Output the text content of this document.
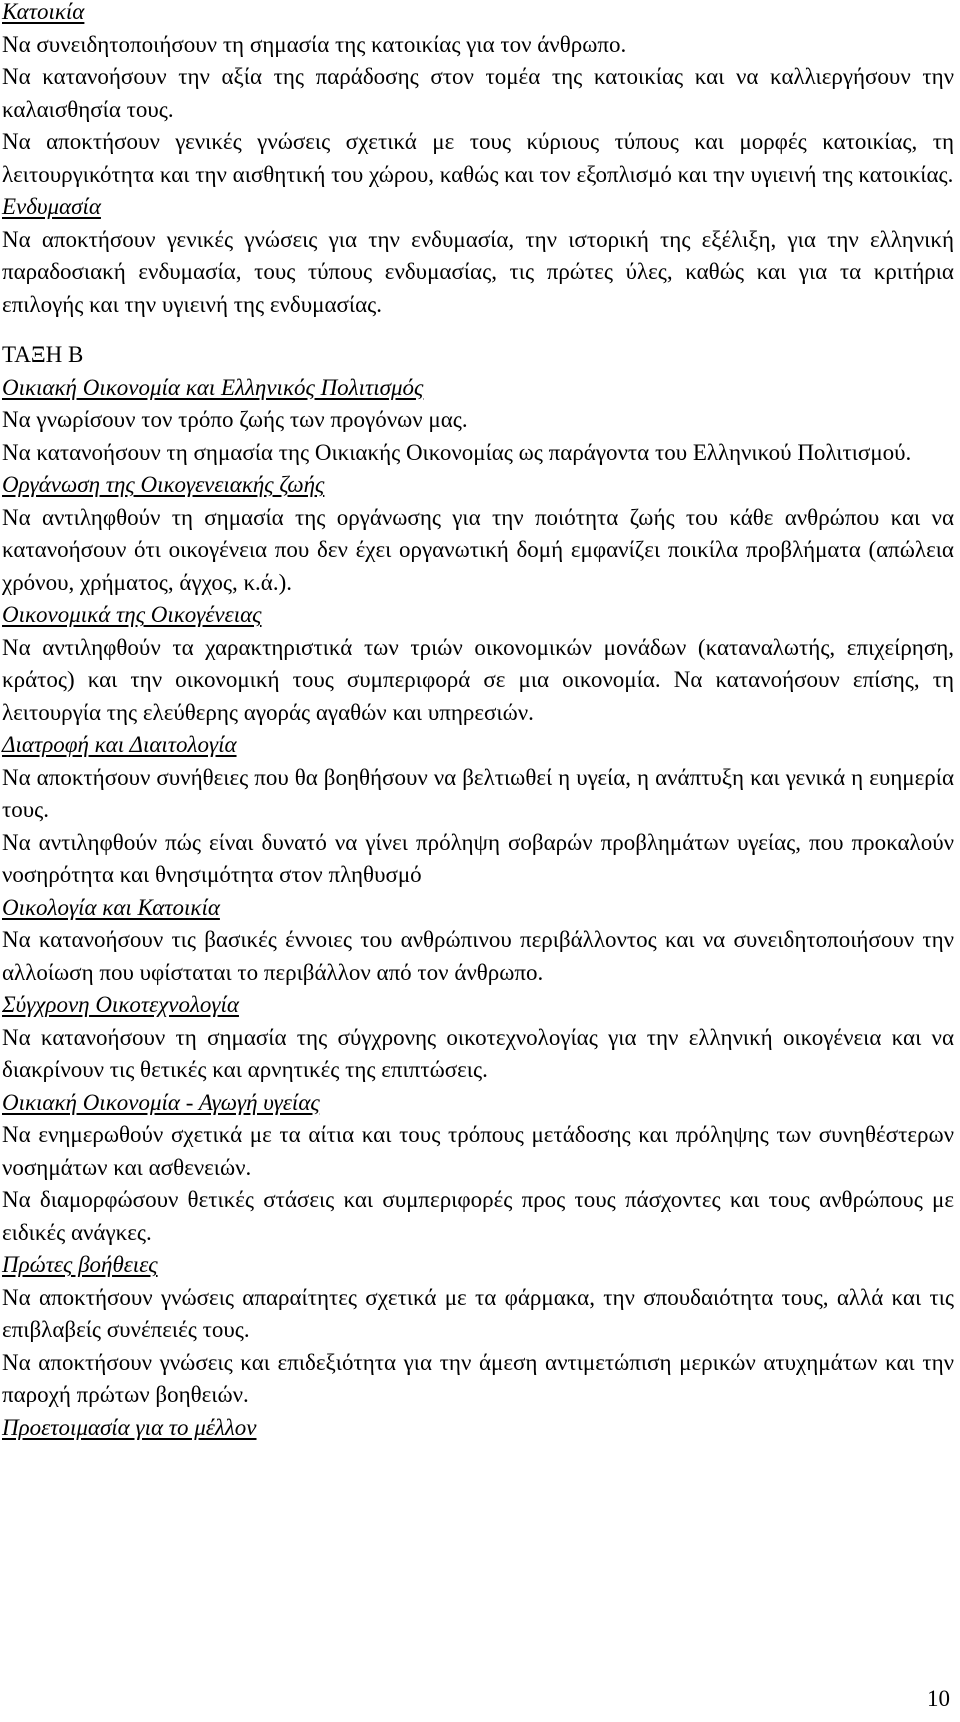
Κατοικία

Να συνειδητοποιήσουν τη σημασία της κατοικίας για τον άνθρωπο.

Να κατανοήσουν την αξία της παράδοσης στον τομέα της κατοικίας και να καλλιεργήσουν την καλαισθησία τους.

Να αποκτήσουν γενικές γνώσεις σχετικά με τους κύριους τύπους και μορφές κατοικίας, τη λειτουργικότητα και την αισθητική του χώρου, καθώς και τον εξοπλισμό και την υγιεινή της κατοικίας.

Ενδυμασία

Να αποκτήσουν γενικές γνώσεις για την ενδυμασία, την ιστορική της εξέλιξη, για την ελληνική παραδοσιακή ενδυμασία, τους τύπους ενδυμασίας, τις πρώτες ύλες, καθώς και για τα κριτήρια επιλογής και την υγιεινή της ενδυμασίας.

ΤΑΞΗ Β

Οικιακή Οικονομία και Ελληνικός Πολιτισμός

Να γνωρίσουν τον τρόπο ζωής των προγόνων μας.

Να κατανοήσουν τη σημασία της Οικιακής Οικονομίας ως παράγοντα του Ελληνικού Πολιτισμού.

Οργάνωση της Οικογενειακής ζωής

Να αντιληφθούν τη σημασία της οργάνωσης για την ποιότητα ζωής του κάθε ανθρώπου και να κατανοήσουν ότι οικογένεια που δεν έχει οργανωτική δομή εμφανίζει ποικίλα προβλήματα (απώλεια χρόνου, χρήματος, άγχος, κ.ά.).

Οικονομικά της Οικογένειας

Να αντιληφθούν τα χαρακτηριστικά των τριών οικονομικών μονάδων (καταναλωτής, επιχείρηση, κράτος) και την οικονομική τους συμπεριφορά σε μια οικονομία. Να κατανοήσουν επίσης, τη λειτουργία της ελεύθερης αγοράς αγαθών και υπηρεσιών.

Διατροφή και Διαιτολογία

Να αποκτήσουν συνήθειες που θα βοηθήσουν να βελτιωθεί η υγεία, η ανάπτυξη και γενικά η ευημερία τους.

Να αντιληφθούν πώς είναι δυνατό να γίνει πρόληψη σοβαρών προβλημάτων υγείας, που προκαλούν νοσηρότητα και θνησιμότητα στον πληθυσμό

Οικολογία και Κατοικία

Να κατανοήσουν τις βασικές έννοιες του ανθρώπινου περιβάλλοντος και να συνειδητοποιήσουν την αλλοίωση που υφίσταται το περιβάλλον από τον άνθρωπο.

Σύγχρονη Οικοτεχνολογία

Να κατανοήσουν τη σημασία της σύγχρονης οικοτεχνολογίας για την ελληνική οικογένεια και να διακρίνουν τις θετικές και αρνητικές της επιπτώσεις.

Οικιακή Οικονομία - Αγωγή υγείας

Να ενημερωθούν σχετικά με τα αίτια και τους τρόπους μετάδοσης και πρόληψης των συνηθέστερων νοσημάτων και ασθενειών.

Να διαμορφώσουν θετικές στάσεις και συμπεριφορές προς τους πάσχοντες και τους ανθρώπους με ειδικές ανάγκες.

Πρώτες βοήθειες

Να αποκτήσουν γνώσεις απαραίτητες σχετικά με τα φάρμακα, την σπουδαιότητα τους, αλλά και τις επιβλαβείς συνέπειές τους.

Να αποκτήσουν γνώσεις και επιδεξιότητα για την άμεση αντιμετώπιση μερικών ατυχημάτων και την παροχή πρώτων βοηθειών.

Προετοιμασία για το μέλλον

10
